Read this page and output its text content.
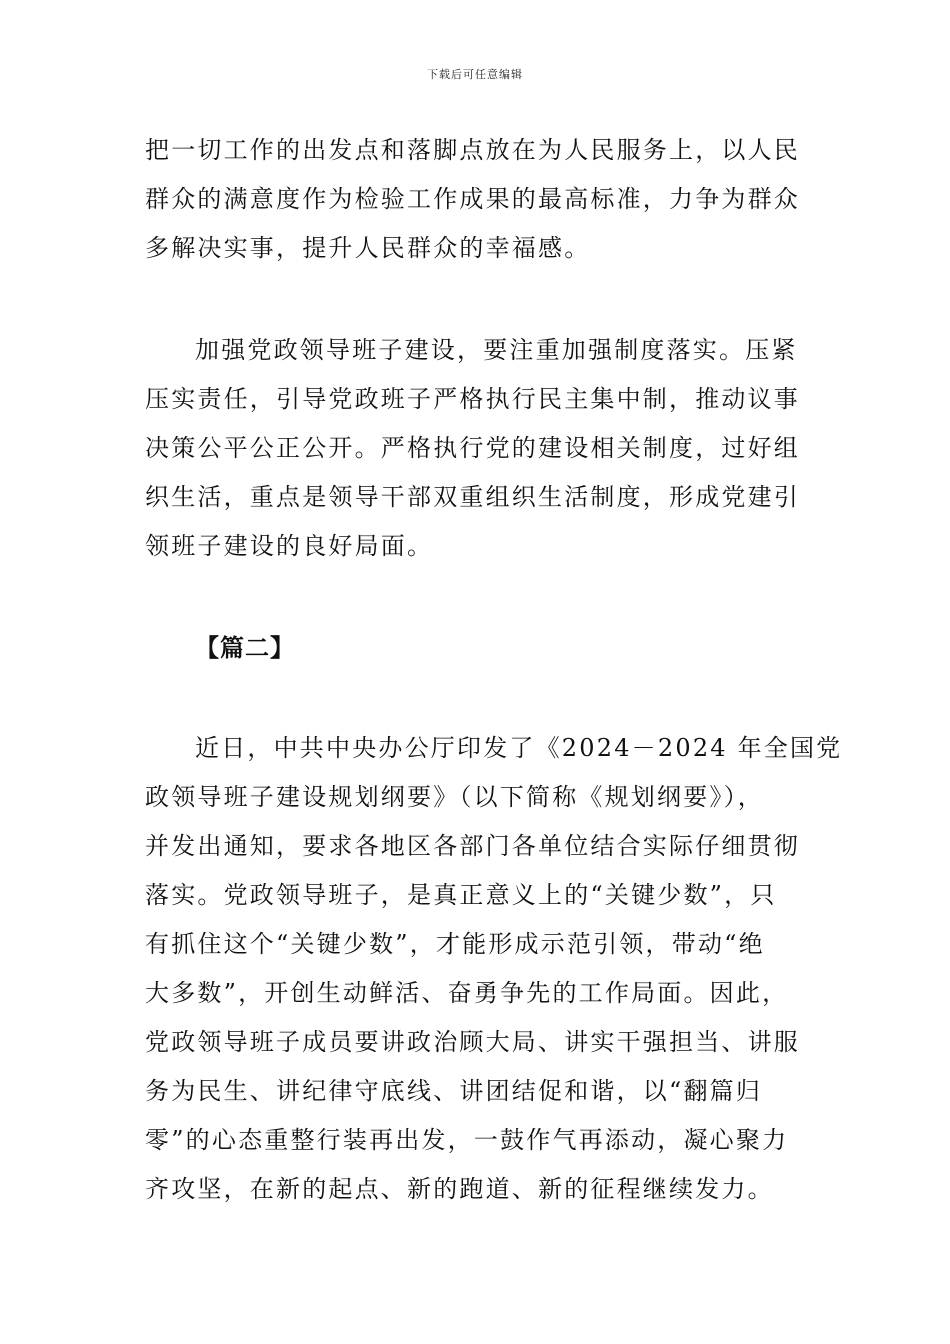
下载后可任意编辑
把一切工作的出发点和落脚点放在为人民服务上，以人民
群众的满意度作为检验工作成果的最高标准，力争为群众
多解决实事，提升人民群众的幸福感。
加强党政领导班子建设，要注重加强制度落实。压紧
压实责任，引导党政班子严格执行民主集中制，推动议事
决策公平公正公开。严格执行党的建设相关制度，过好组
织生活，重点是领导干部双重组织生活制度，形成党建引
领班子建设的良好局面。
【篇二】
近日，中共中央办公厅印发了《2024－2024 年全国党
政领导班子建设规划纲要》（以下简称《规划纲要》），
并发出通知，要求各地区各部门各单位结合实际仔细贯彻
落实。党政领导班子，是真正意义上的“关键少数”，只
有抓住这个“关键少数”，才能形成示范引领，带动“绝
大多数”，开创生动鲜活、奋勇争先的工作局面。因此，
党政领导班子成员要讲政治顾大局、讲实干强担当、讲服
务为民生、讲纪律守底线、讲团结促和谐，以“翻篇归
零”的心态重整行装再出发，一鼓作气再添动，凝心聚力
齐攻坚，在新的起点、新的跑道、新的征程继续发力。
